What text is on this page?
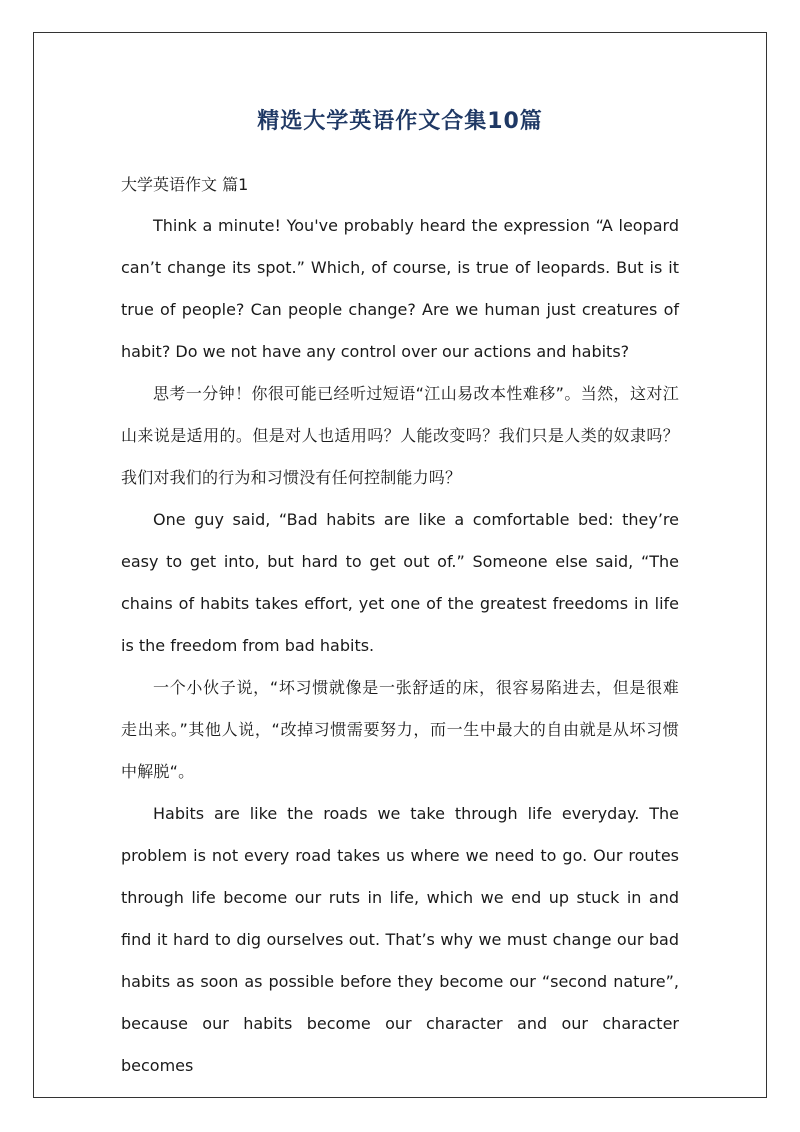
精选大学英语作文合集10篇
大学英语作文 篇1

Think a minute! You've probably heard the expression “A leopard can’t change its spot.” Which, of course, is true of leopards. But is it true of people? Can people change? Are we human just creatures of habit? Do we not have any control over our actions and habits?

思考一分钟！你很可能已经听过短语“江山易改本性难移”。当然，这对江山来说是适用的。但是对人也适用吗？人能改变吗？我们只是人类的奴隶吗？我们对我们的行为和习惯没有任何控制能力吗？

One guy said, “Bad habits are like a comfortable bed: they’re easy to get into, but hard to get out of.” Someone else said, “The chains of habits takes effort, yet one of the greatest freedoms in life is the freedom from bad habits.

一个小伙子说，“坏习惯就像是一张舒适的床，很容易陷进去，但是很难走出来。”其他人说，“改掉习惯需要努力，而一生中最大的自由就是从坏习惯中解脱“。

Habits are like the roads we take through life everyday. The problem is not every road takes us where we need to go. Our routes through life become our ruts in life, which we end up stuck in and find it hard to dig ourselves out. That’s why we must change our bad habits as soon as possible before they become our “second nature”, because our habits become our character and our character becomes
